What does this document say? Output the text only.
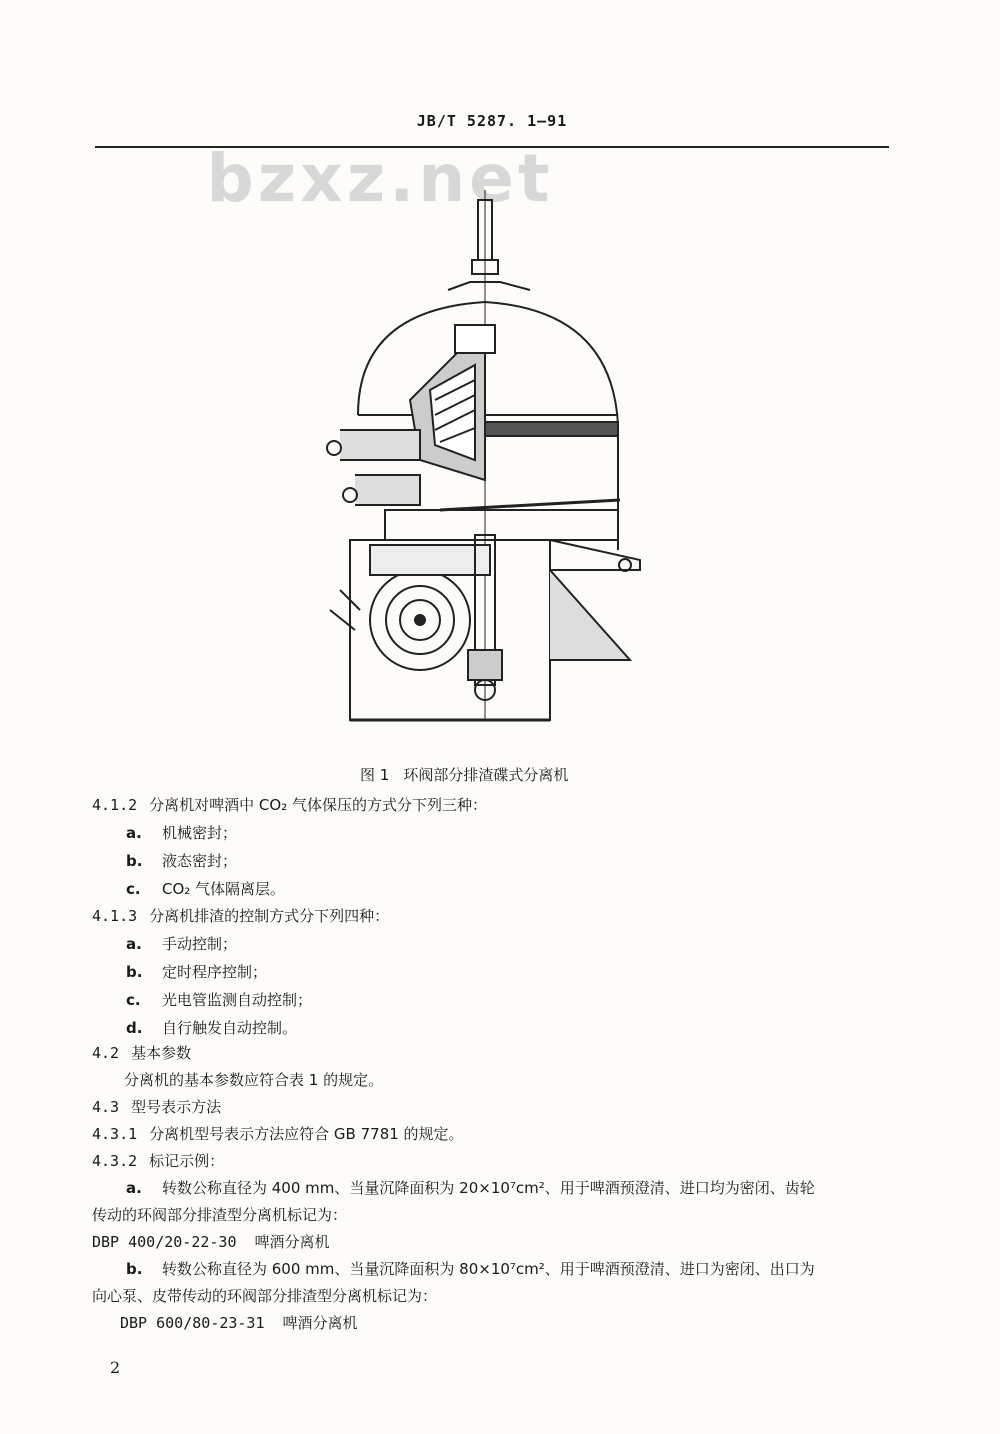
JB/T 5287. 1—91
bzxz.net
图 1 环阀部分排渣碟式分离机
4.1.2 分离机对啤酒中 CO₂ 气体保压的方式分下列三种：
a. 机械密封；
b. 液态密封；
c. CO₂ 气体隔离层。
4.1.3 分离机排渣的控制方式分下列四种：
a. 手动控制；
b. 定时程序控制；
c. 光电管监测自动控制；
d. 自行触发自动控制。
4.2 基本参数
分离机的基本参数应符合表 1 的规定。
4.3 型号表示方法
4.3.1 分离机型号表示方法应符合 GB 7781 的规定。
4.3.2 标记示例：
a. 转数公称直径为 400 mm、当量沉降面积为 20×10⁷cm²、用于啤酒预澄清、进口均为密闭、齿轮
传动的环阀部分排渣型分离机标记为：
DBP 400/20-22-30 啤酒分离机
b. 转数公称直径为 600 mm、当量沉降面积为 80×10⁷cm²、用于啤酒预澄清、进口为密闭、出口为
向心泵、皮带传动的环阀部分排渣型分离机标记为：
DBP 600/80-23-31 啤酒分离机
2
